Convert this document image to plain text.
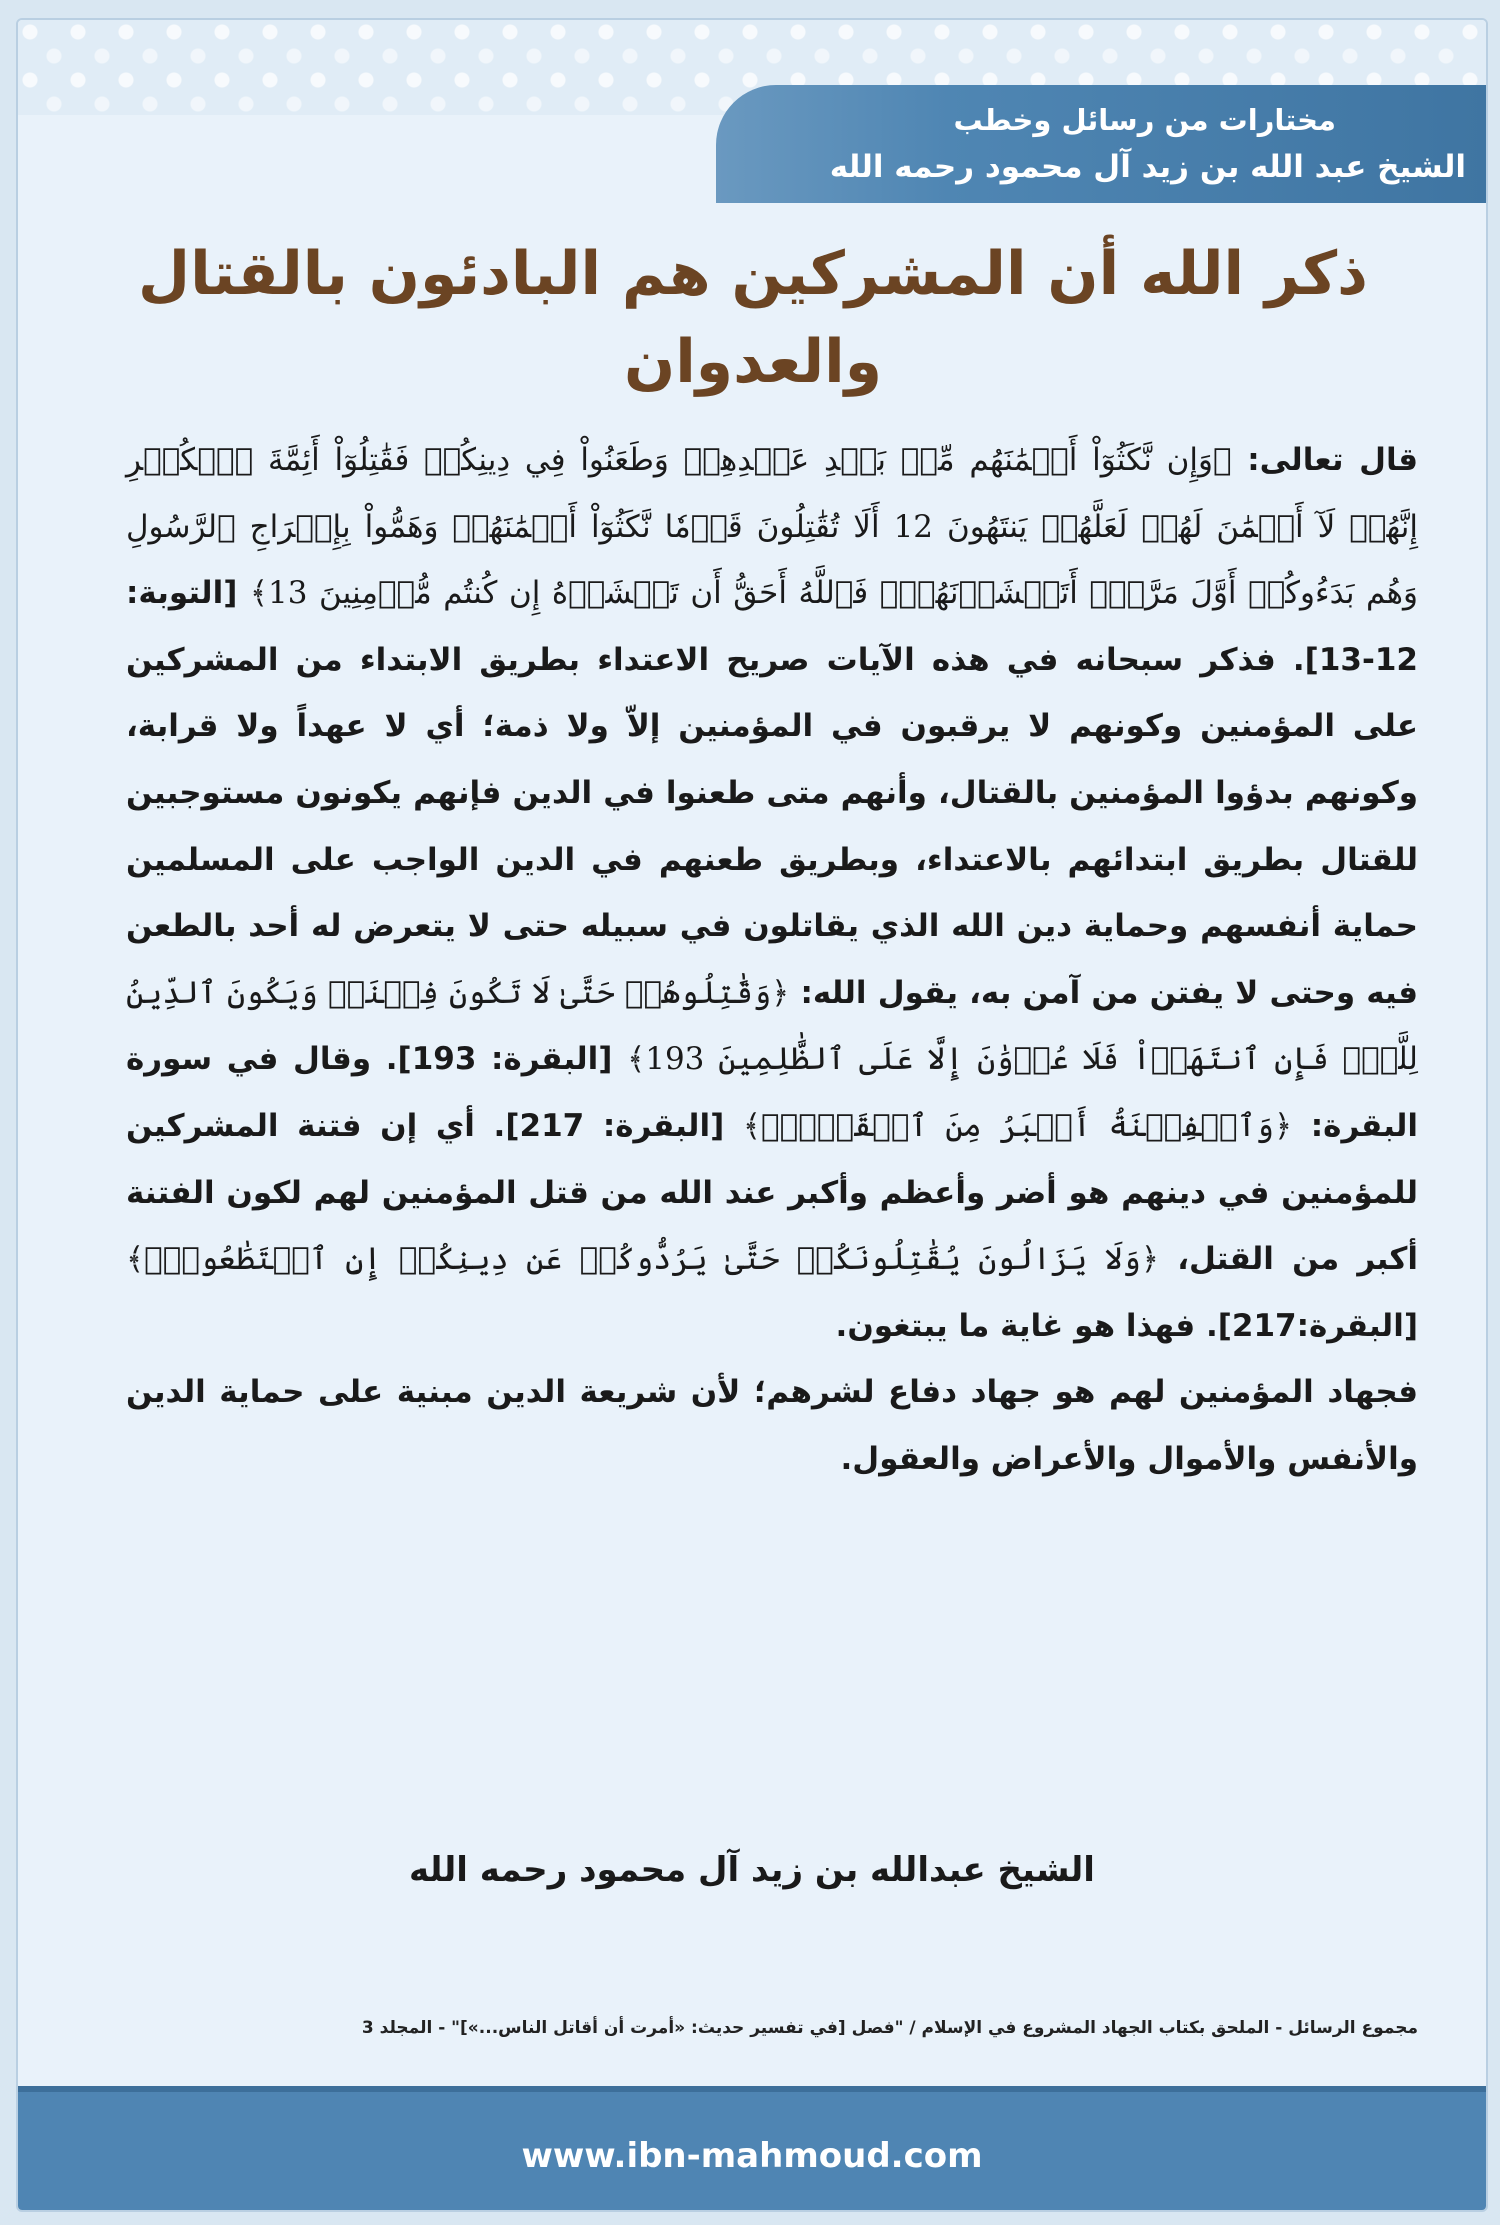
مختارات من رسائل وخطب
الشيخ عبد الله بن زيد آل محمود رحمه الله
ذكر الله أن المشركين هم البادئون بالقتال والعدوان

قال تعالى: ﴿وَإِن نَّكَثُوٓاْ أَيۡمَٰنَهُم مِّنۢ بَعۡدِ عَهۡدِهِمۡ وَطَعَنُواْ فِي دِينِكُمۡ فَقَٰتِلُوٓاْ أَئِمَّةَ ٱلۡكُفۡرِ إِنَّهُمۡ لَآ أَيۡمَٰنَ لَهُمۡ لَعَلَّهُمۡ يَنتَهُونَ 12 أَلَا تُقَٰتِلُونَ قَوۡمٗا نَّكَثُوٓاْ أَيۡمَٰنَهُمۡ وَهَمُّواْ بِإِخۡرَاجِ ٱلرَّسُولِ وَهُم بَدَءُوكُمۡ أَوَّلَ مَرَّةٍۚ أَتَخۡشَوۡنَهُمۡۚ فَٱللَّهُ أَحَقُّ أَن تَخۡشَوۡهُ إِن كُنتُم مُّؤۡمِنِينَ 13﴾ [التوبة: 12-13]. فذكر سبحانه في هذه الآيات صريح الاعتداء بطريق الابتداء من المشركين على المؤمنين وكونهم لا يرقبون في المؤمنين إلاّ ولا ذمة؛ أي لا عهداً ولا قرابة، وكونهم بدؤوا المؤمنين بالقتال، وأنهم متى طعنوا في الدين فإنهم يكونون مستوجبين للقتال بطريق ابتدائهم بالاعتداء، وبطريق طعنهم في الدين الواجب على المسلمين حماية أنفسهم وحماية دين الله الذي يقاتلون في سبيله حتى لا يتعرض له أحد بالطعن فيه وحتى لا يفتن من آمن به، يقول الله: ﴿وَقَٰتِلُوهُمۡ حَتَّىٰ لَا تَكُونَ فِتۡنَةٞ وَيَكُونَ ٱلدِّينُ لِلَّهِۖ فَإِنِ ٱنتَهَوۡاْ فَلَا عُدۡوَٰنَ إِلَّا عَلَى ٱلظَّٰلِمِينَ 193﴾ [البقرة: 193]. وقال في سورة البقرة: ﴿وَٱلۡفِتۡنَةُ أَكۡبَرُ مِنَ ٱلۡقَتۡلِۗ﴾ [البقرة: 217]. أي إن فتنة المشركين للمؤمنين في دينهم هو أضر وأعظم وأكبر عند الله من قتل المؤمنين لهم لكون الفتنة أكبر من القتل، ﴿وَلَا يَزَالُونَ يُقَٰتِلُونَكُمۡ حَتَّىٰ يَرُدُّوكُمۡ عَن دِينِكُمۡ إِنِ ٱسۡتَطَٰعُواْۚ﴾ [البقرة:217]. فهذا هو غاية ما يبتغون.

فجهاد المؤمنين لهم هو جهاد دفاع لشرهم؛ لأن شريعة الدين مبنية على حماية الدين والأنفس والأموال والأعراض والعقول.

الشيخ عبدالله بن زيد آل محمود رحمه الله
مجموع الرسائل - الملحق بكتاب الجهاد المشروع في الإسلام / "فصل [في تفسير حديث: «أمرت أن أقاتل الناس...»]" - المجلد 3
www.ibn-mahmoud.com
